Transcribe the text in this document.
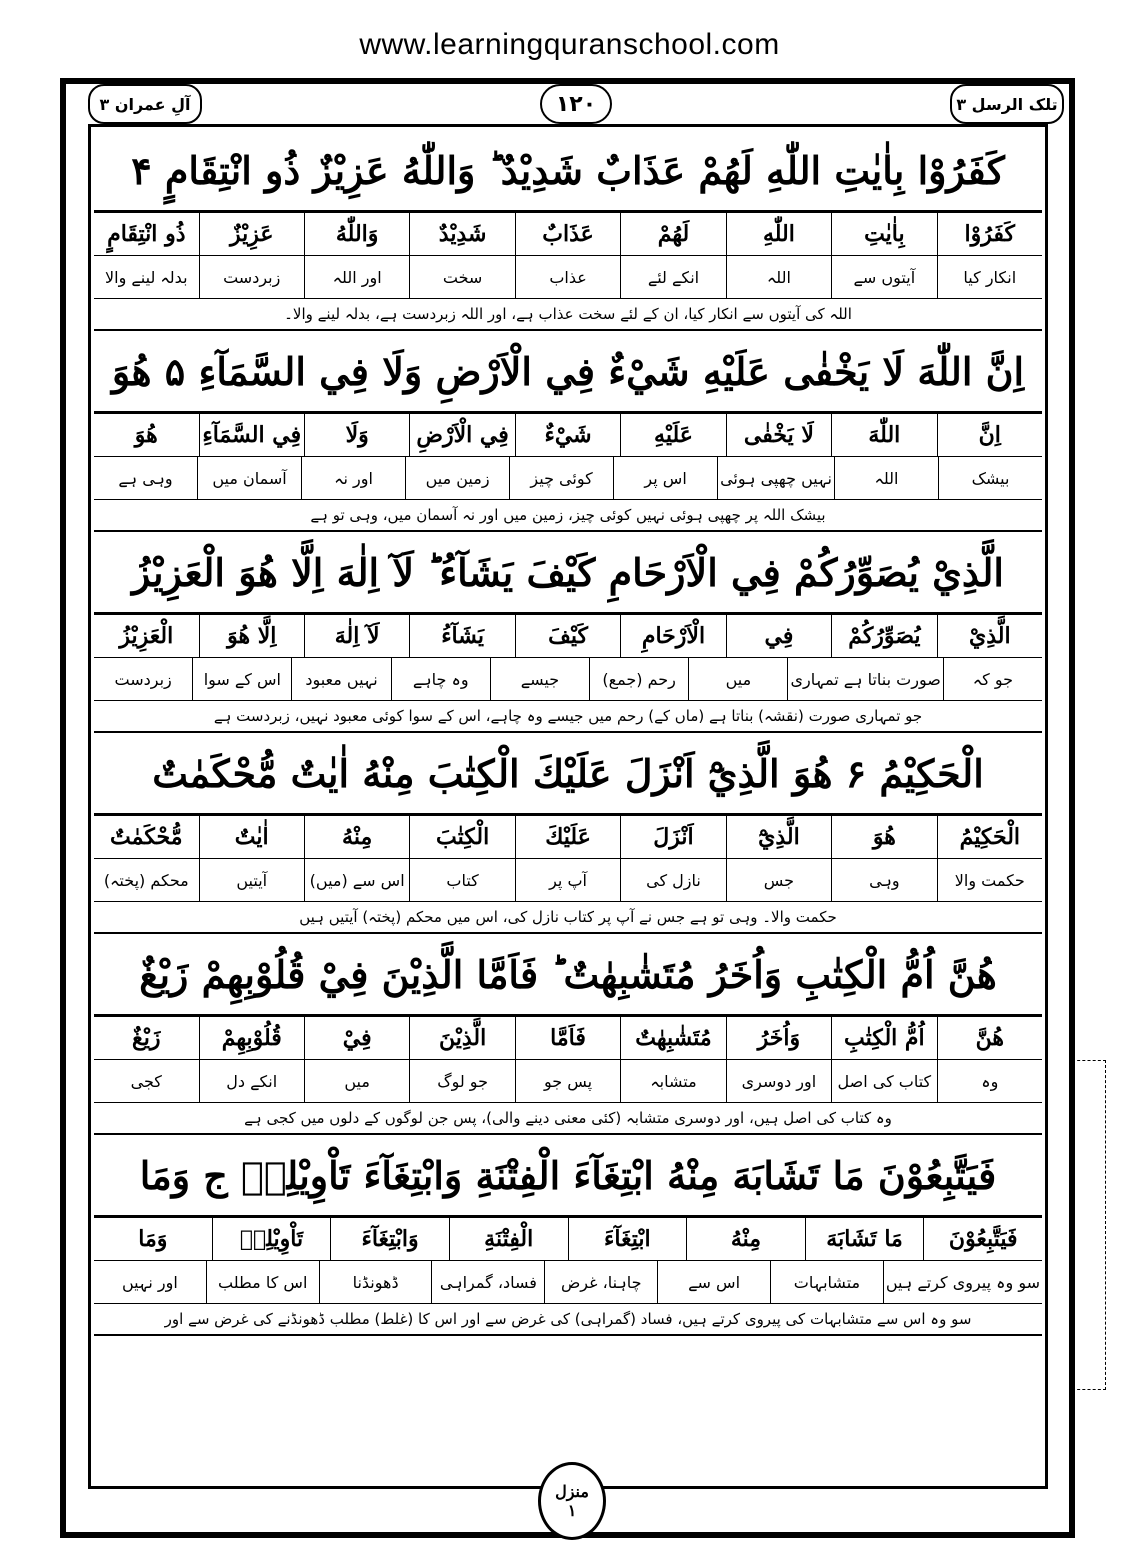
www.learningquranschool.com
آلِ عمران ۳	۱۲۰	تلک الرسل ۳
كَفَرُوْا بِاٰيٰتِ اللّٰهِ لَهُمْ عَذَابٌ شَدِيْدٌ ؕ وَاللّٰهُ عَزِيْزٌ ذُو انْتِقَامٍ ۴
كَفَرُوْا
بِاٰيٰتِ
اللّٰهِ
لَهُمْ
عَذَابٌ
شَدِيْدٌ
وَاللّٰهُ
عَزِيْزٌ
ذُو انْتِقَامٍ
انکار کیا
آیتوں سے
اللہ
انکے لئے
عذاب
سخت
اور اللہ
زبردست
بدلہ لینے والا
اللہ کی آیتوں سے انکار کیا، ان کے لئے سخت عذاب ہے، اور اللہ زبردست ہے، بدلہ لینے والا۔
اِنَّ اللّٰهَ لَا يَخْفٰى عَلَيْهِ شَيْءٌ فِي الْاَرْضِ وَلَا فِي السَّمَآءِ ۵ هُوَ
اِنَّ
اللّٰهَ
لَا يَخْفٰى
عَلَيْهِ
شَيْءٌ
فِي الْاَرْضِ
وَلَا
فِي السَّمَآءِ
هُوَ
بیشک
اللہ
نہیں چھپی ہوئی
اس پر
کوئی چیز
زمین میں
اور نہ
آسمان میں
وہی ہے
بیشک اللہ پر چھپی ہوئی نہیں کوئی چیز، زمین میں اور نہ آسمان میں، وہی تو ہے
الَّذِيْ يُصَوِّرُكُمْ فِي الْاَرْحَامِ كَيْفَ يَشَآءُ ؕ لَآ اِلٰهَ اِلَّا هُوَ الْعَزِيْزُ
الَّذِيْ
يُصَوِّرُكُمْ
فِي
الْاَرْحَامِ
كَيْفَ
يَشَآءُ
لَآ اِلٰهَ
اِلَّا هُوَ
الْعَزِيْزُ
جو کہ
صورت بناتا ہے تمہاری
میں
رحم (جمع)
جیسے
وہ چاہے
نہیں معبود
اس کے سوا
زبردست
جو تمہاری صورت (نقشہ) بناتا ہے (ماں کے) رحم میں جیسے وہ چاہے، اس کے سوا کوئی معبود نہیں، زبردست ہے
الْحَكِيْمُ ۶ هُوَ الَّذِيْٓ اَنْزَلَ عَلَيْكَ الْكِتٰبَ مِنْهُ اٰيٰتٌ مُّحْكَمٰتٌ
الْحَكِيْمُ
هُوَ
الَّذِيْٓ
اَنْزَلَ
عَلَيْكَ
الْكِتٰبَ
مِنْهُ
اٰيٰتٌ
مُّحْكَمٰتٌ
حکمت والا
وہی
جس
نازل کی
آپ پر
کتاب
اس سے (میں)
آیتیں
محکم (پختہ)
حکمت والا۔ وہی تو ہے جس نے آپ پر کتاب نازل کی، اس میں محکم (پختہ) آیتیں ہیں
هُنَّ اُمُّ الْكِتٰبِ وَاُخَرُ مُتَشٰبِهٰتٌ ؕ فَاَمَّا الَّذِيْنَ فِيْ قُلُوْبِهِمْ زَيْغٌ
هُنَّ
اُمُّ الْكِتٰبِ
وَاُخَرُ
مُتَشٰبِهٰتٌ
فَاَمَّا
الَّذِيْنَ
فِيْ
قُلُوْبِهِمْ
زَيْغٌ
وہ
کتاب کی اصل
اور دوسری
متشابہ
پس جو
جو لوگ
میں
انکے دل
کجی
وہ کتاب کی اصل ہیں، اور دوسری متشابہ (کئی معنی دینے والی)، پس جن لوگوں کے دلوں میں کجی ہے
فَيَتَّبِعُوْنَ مَا تَشَابَهَ مِنْهُ ابْتِغَآءَ الْفِتْنَةِ وَابْتِغَآءَ تَاْوِيْلِهٖ ج وَمَا
فَيَتَّبِعُوْنَ
مَا تَشَابَهَ
مِنْهُ
ابْتِغَآءَ
الْفِتْنَةِ
وَابْتِغَآءَ
تَاْوِيْلِهٖ
وَمَا
سو وہ پیروی کرتے ہیں
متشابہات
اس سے
چاہنا، غرض
فساد، گمراہی
ڈھونڈنا
اس کا مطلب
اور نہیں
سو وہ اس سے متشابہات کی پیروی کرتے ہیں، فساد (گمراہی) کی غرض سے اور اس کا (غلط) مطلب ڈھونڈنے کی غرض سے اور
منزل
۱
